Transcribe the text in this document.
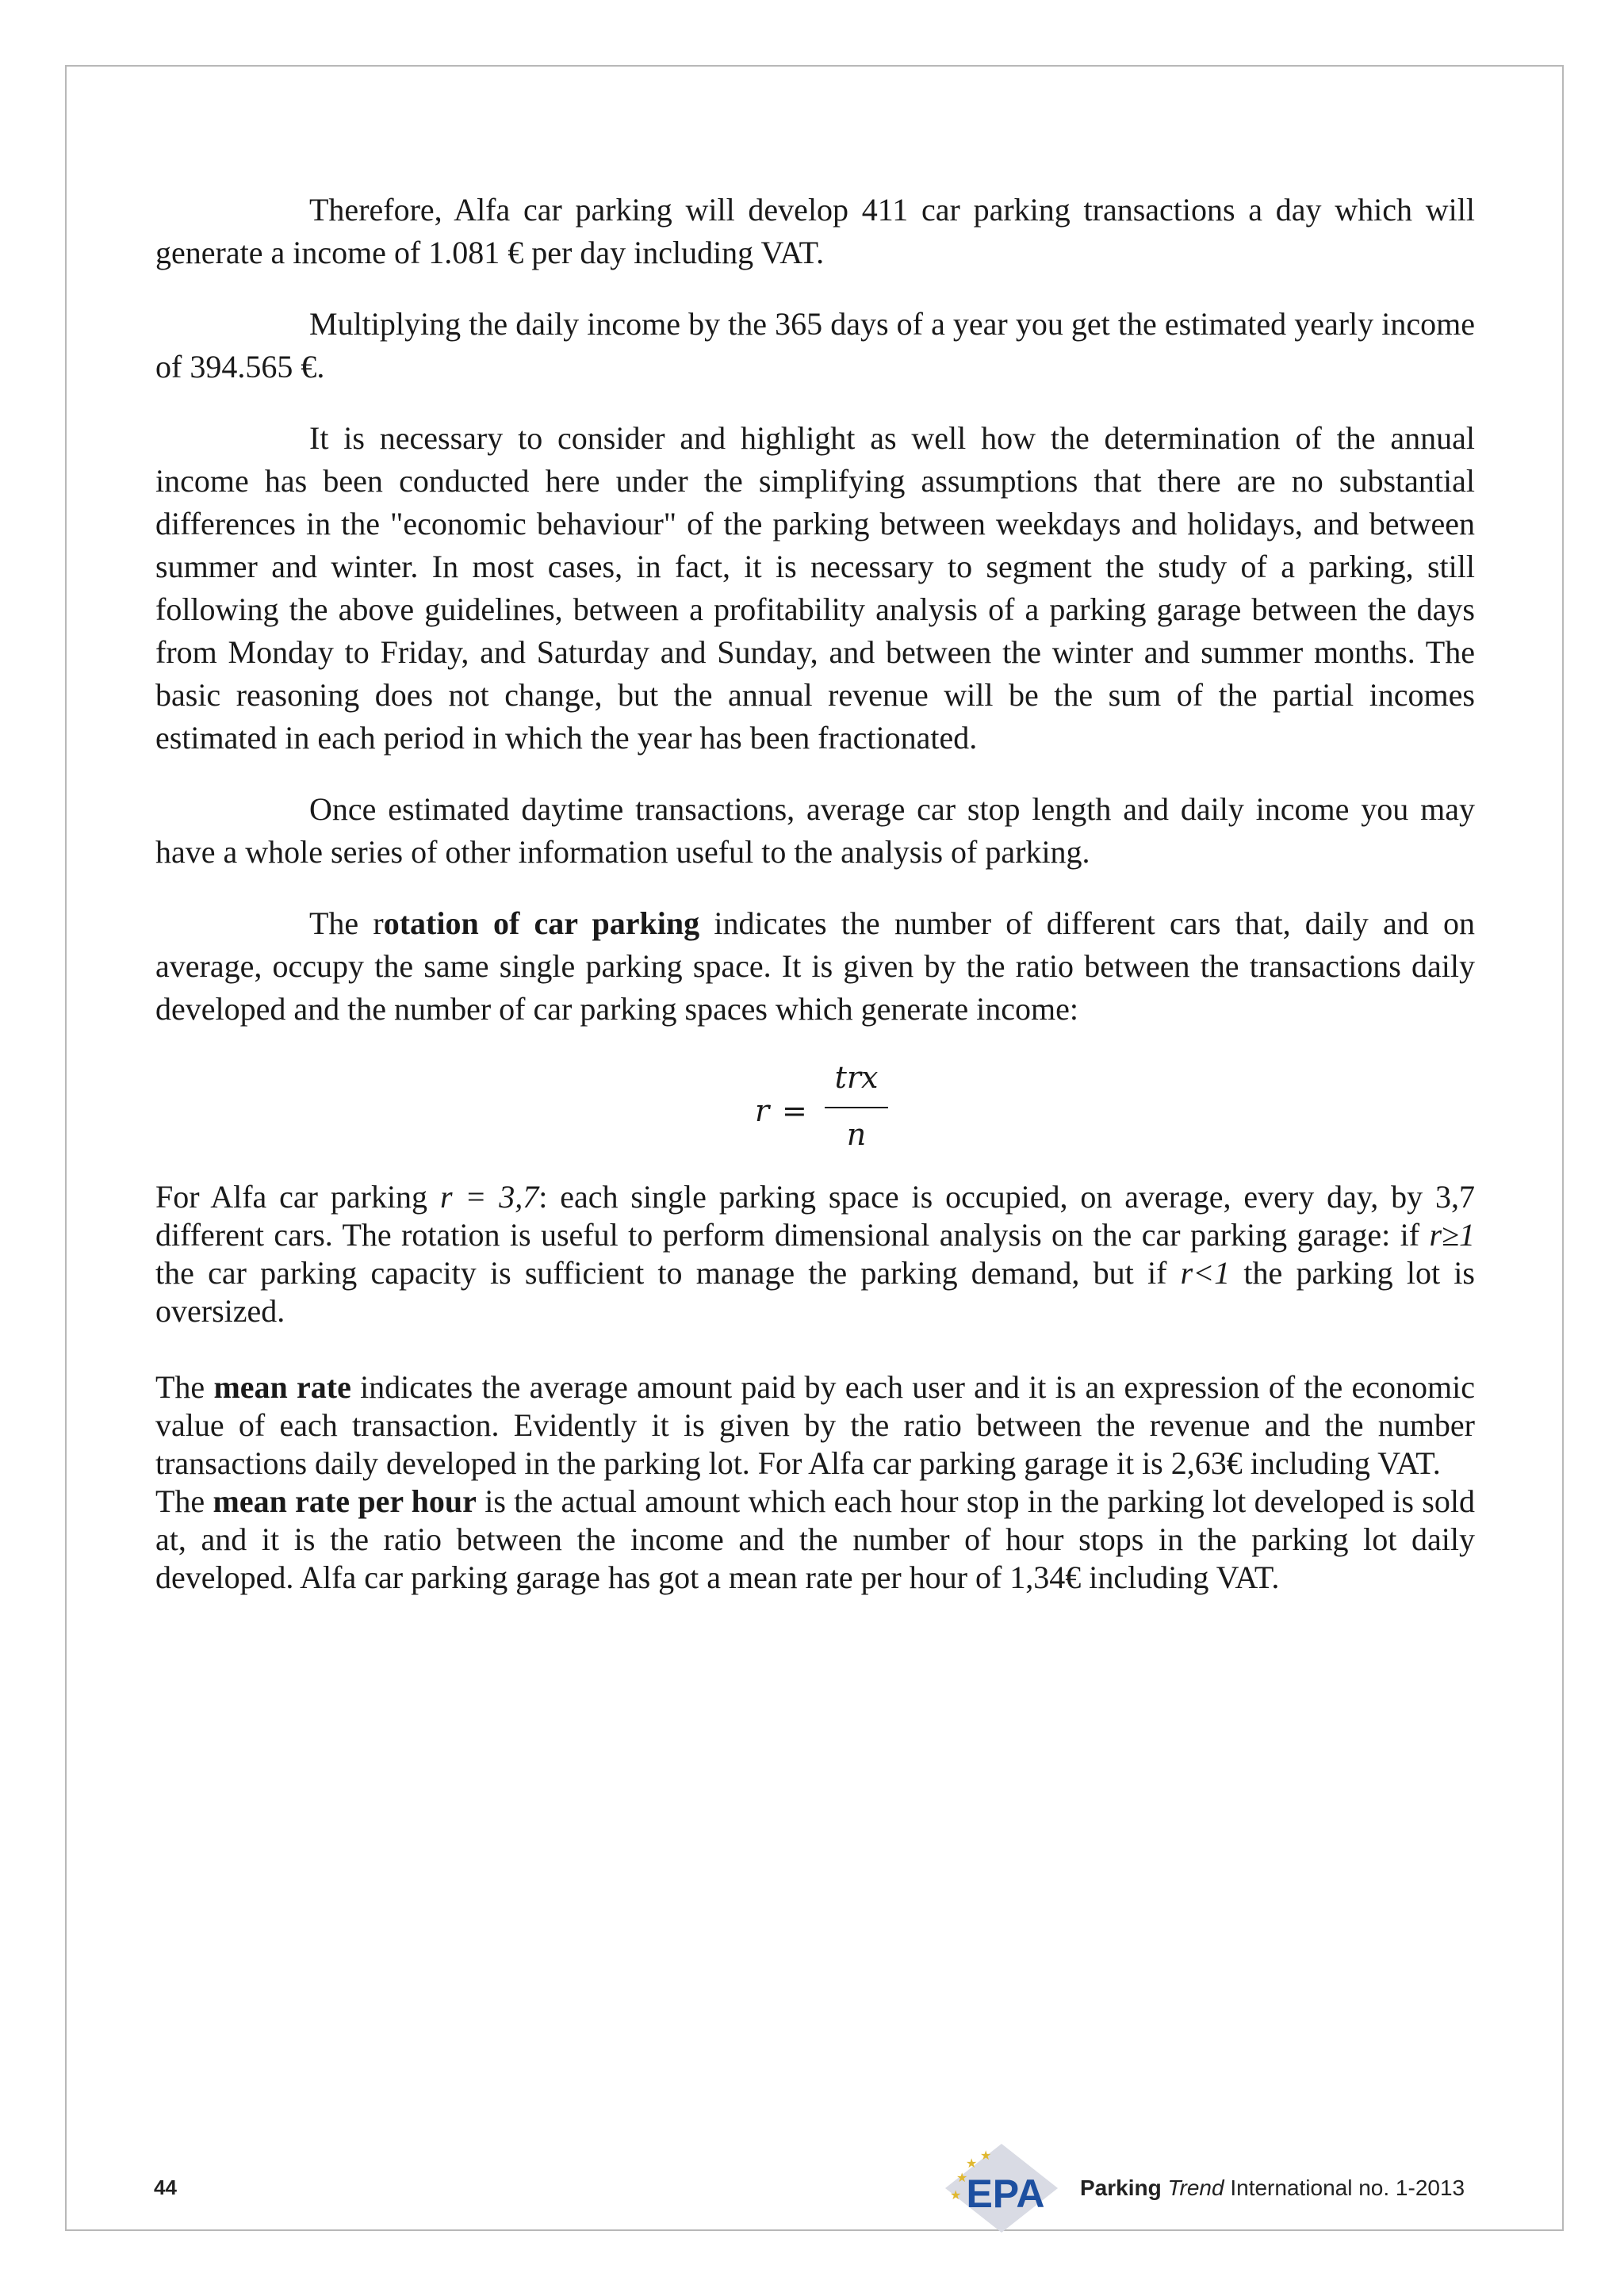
Therefore, Alfa car parking will develop 411 car parking transactions a day which will generate a income of 1.081 € per day including VAT.

Multiplying the daily income by the 365 days of a year you get the estimated yearly income of 394.565 €.

It is necessary to consider and highlight as well how the determination of the annual income has been conducted here under the simplifying assumptions that there are no substantial differences in the "economic behaviour" of the parking between weekdays and holidays, and between summer and winter. In most cases, in fact, it is necessary to segment the study of a parking, still following the above guidelines, between a profitability analysis of a parking garage between the days from Monday to Friday, and Saturday and Sunday, and between the winter and summer months. The basic reasoning does not change, but the annual revenue will be the sum of the partial incomes estimated in each period in which the year has been fractionated.

Once estimated daytime transactions, average car stop length and daily income you may have a whole series of other information useful to the analysis of parking.

The rotation of car parking indicates the number of different cars that, daily and on average, occupy the same single parking space. It is given by the ratio between the transactions daily developed and the number of car parking spaces which generate income:

r =
trx
n

For Alfa car parking r = 3,7: each single parking space is occupied, on average, every day, by 3,7 different cars. The rotation is useful to perform dimensional analysis on the car parking garage: if r≥1 the car parking capacity is sufficient to manage the parking demand, but if r<1 the parking lot is oversized.

The mean rate indicates the average amount paid by each user and it is an expression of the economic value of each transaction. Evidently it is given by the ratio between the revenue and the number transactions daily developed in the parking lot. For Alfa car parking garage it is 2,63€ including VAT.

The mean rate per hour is the actual amount which each hour stop in the parking lot developed is sold at, and it is the ratio between the income and the number of hour stops in the parking lot daily developed. Alfa car parking garage has got a mean rate per hour of 1,34€ including VAT.

44	★
★
★
★ EPA Parking Trend International no. 1-2013
